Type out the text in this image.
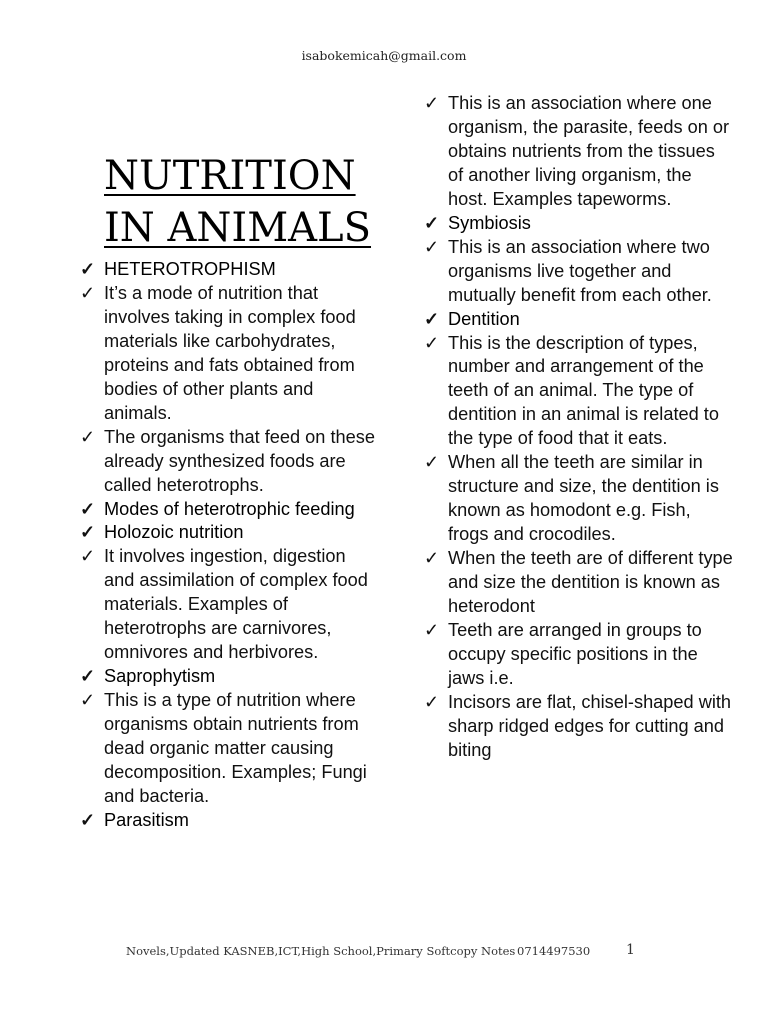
isabokemicah@gmail.com
NUTRITION
IN ANIMALS
✓ HETEROTROPHISM
✓ It’s a mode of nutrition that involves taking in complex food materials like carbohydrates, proteins and fats obtained from bodies of other plants and animals.
✓ The organisms that feed on these already synthesized foods are called heterotrophs.
✓ Modes of heterotrophic feeding
✓ Holozoic nutrition
✓ It involves ingestion, digestion and assimilation of complex food materials. Examples of heterotrophs are carnivores, omnivores and herbivores.
✓ Saprophytism
✓ This is a type of nutrition where organisms obtain nutrients from dead organic matter causing decomposition. Examples; Fungi and bacteria.
✓ Parasitism
✓ This is an association where one organism, the parasite, feeds on or obtains nutrients from the tissues of another living organism, the host. Examples tapeworms.
✓ Symbiosis
✓ This is an association where two organisms live together and mutually benefit from each other.
✓ Dentition
✓ This is the description of types, number and arrangement of the teeth of an animal. The type of dentition in an animal is related to the type of food that it eats.
✓ When all the teeth are similar in structure and size, the dentition is known as homodont e.g. Fish, frogs and crocodiles.
✓ When the teeth are of different type and size the dentition is known as heterodont
✓ Teeth are arranged in groups to occupy specific positions in the jaws i.e.
✓ Incisors are flat, chisel-shaped with sharp ridged edges for cutting and biting
Novels,Updated KASNEB,ICT,High School,Primary Softcopy Notes 0714497530	1
